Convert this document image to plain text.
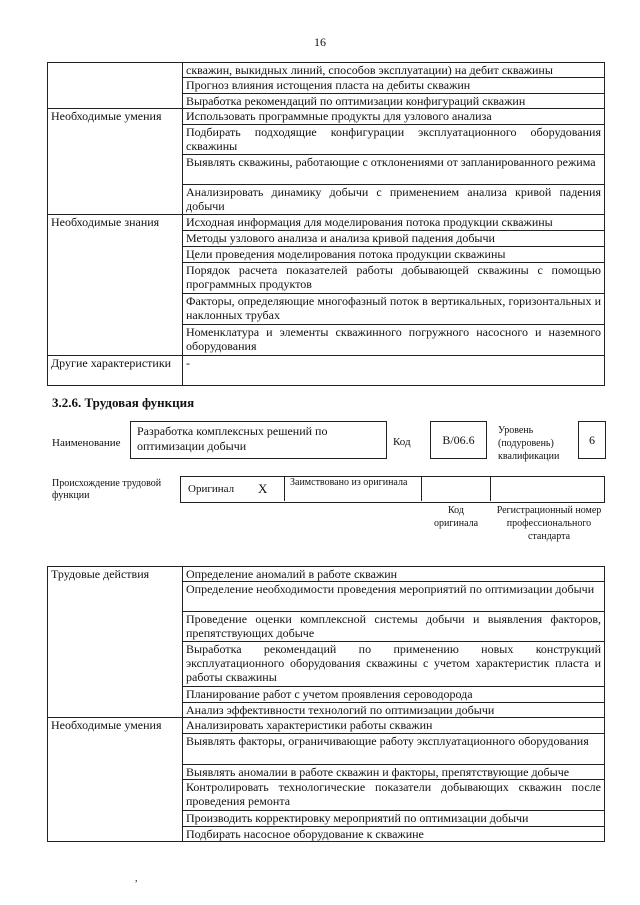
16
	скважин, выкидных линий, способов эксплуатации) на дебит скважины
	Прогноз влияния истощения пласта на дебиты скважин
	Выработка рекомендаций по оптимизации конфигураций скважин
Необходимые умения	Использовать программные продукты для узлового анализа
	Подбирать подходящие конфигурации эксплуатационного оборудования скважины
	Выявлять скважины, работающие с отклонениями от запланированного режима
	Анализировать динамику добычи с применением анализа кривой падения добычи
Необходимые знания	Исходная информация для моделирования потока продукции скважины
	Методы узлового анализа и анализа кривой падения добычи
	Цели проведения моделирования потока продукции скважины
	Порядок расчета показателей работы добывающей скважины с помощью программных продуктов
	Факторы, определяющие многофазный поток в вертикальных, горизонтальных и наклонных трубах
	Номенклатура и элементы скважинного погружного насосного и наземного оборудования
Другие характеристики	-
3.2.6. Трудовая функция
Наименование
Разработка комплексных решений по оптимизации добычи	Код	B/06.6
Уровень (подуровень) квалификации
6
Происхождение трудовой функции
Оригинал X Заимствовано из оригинала
Код оригинала
Регистрационный номер профессионального стандарта
Трудовые действия	Определение аномалий в работе скважин
	Определение необходимости проведения мероприятий по оптимизации добычи
	Проведение оценки комплексной системы добычи и выявления факторов, препятствующих добыче
	Выработка рекомендаций по применению новых конструкций эксплуатационного оборудования скважины с учетом характеристик пласта и работы скважины
	Планирование работ с учетом проявления сероводорода
	Анализ эффективности технологий по оптимизации добычи
Необходимые умения	Анализировать характеристики работы скважин
	Выявлять факторы, ограничивающие работу эксплуатационного оборудования
	Выявлять аномалии в работе скважин и факторы, препятствующие добыче
	Контролировать технологические показатели добывающих скважин после проведения ремонта
	Производить корректировку мероприятий по оптимизации добычи
	Подбирать насосное оборудование к скважине
,
